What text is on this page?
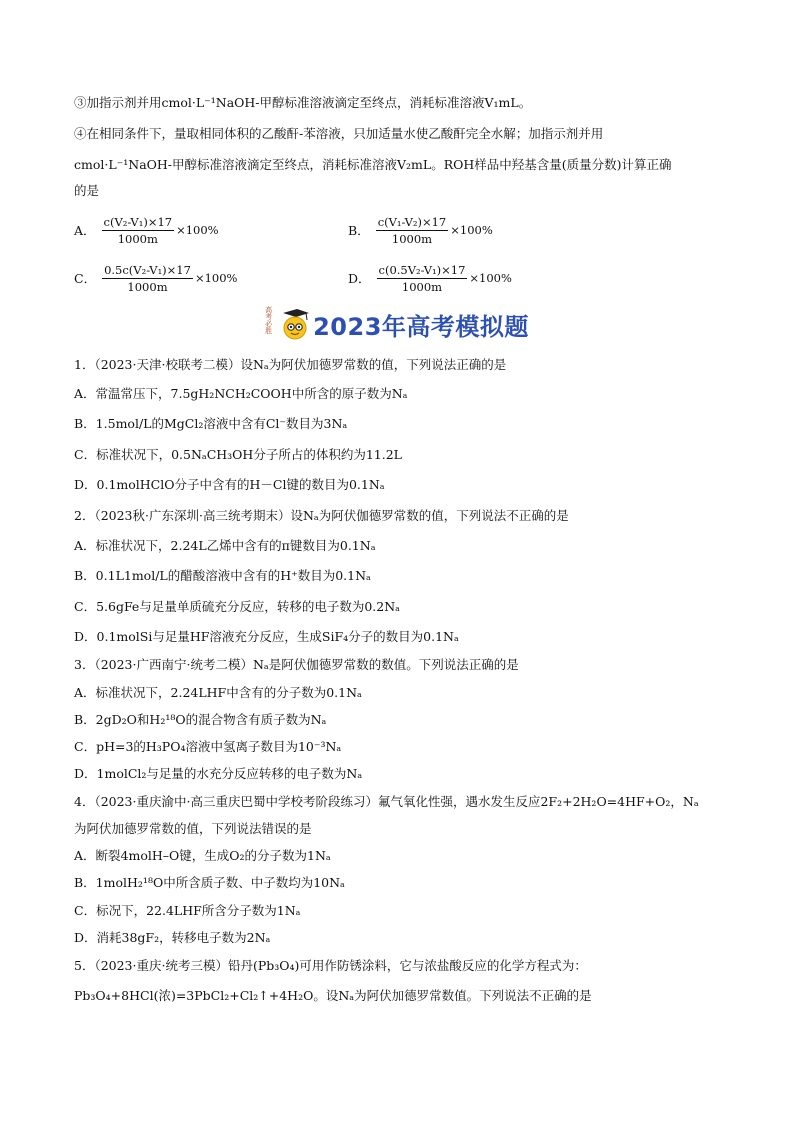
③加指示剂并用cmol·L⁻¹NaOH-甲醇标准溶液滴定至终点，消耗标准溶液V₁mL。
④在相同条件下，量取相同体积的乙酸酐-苯溶液，只加适量水使乙酸酐完全水解；加指示剂并用
cmol·L⁻¹NaOH-甲醇标准溶液滴定至终点，消耗标准溶液V₂mL。ROH样品中羟基含量(质量分数)计算正确
的是
A． $\frac{\text{c(V₂-V₁)×17}}{1000m} \times 100\%$	B． $\frac{\text{c(V₁-V₂)×17}}{1000m} \times 100\%$
C． $\frac{\text{0.5c(V₂-V₁)×17}}{1000m} \times 100\%$	D． $\frac{\text{c(0.5V₂-V₁)×17}}{1000m} \times 100\%$
高考必胜 2023年高考模拟题
1．（2023·天津·校联考二模）设Nₐ为阿伏加德罗常数的值，下列说法正确的是
A．常温常压下，7.5gH₂NCH₂COOH中所含的原子数为Nₐ
B．1.5mol/L的MgCl₂溶液中含有Cl⁻数目为3Nₐ
C．标准状况下，0.5NₐCH₃OH分子所占的体积约为11.2L
D．0.1molHClO分子中含有的H－Cl键的数目为0.1Nₐ
2．（2023秋·广东深圳·高三统考期末）设Nₐ为阿伏伽德罗常数的值，下列说法不正确的是
A．标准状况下，2.24L乙烯中含有的π键数目为0.1Nₐ
B．0.1L1mol/L的醋酸溶液中含有的H⁺数目为0.1Nₐ
C．5.6gFe与足量单质硫充分反应，转移的电子数为0.2Nₐ
D．0.1molSi与足量HF溶液充分反应，生成SiF₄分子的数目为0.1Nₐ
3．（2023·广西南宁·统考二模）Nₐ是阿伏伽德罗常数的数值。下列说法正确的是
A．标准状况下，2.24LHF中含有的分子数为0.1Nₐ
B．2gD₂O和H₂¹⁸O的混合物含有质子数为Nₐ
C．pH=3的H₃PO₄溶液中氢离子数目为10⁻³Nₐ
D．1molCl₂与足量的水充分反应转移的电子数为Nₐ
4．（2023·重庆渝中·高三重庆巴蜀中学校考阶段练习）氟气氧化性强，遇水发生反应2F₂+2H₂O=4HF+O₂，Nₐ
为阿伏加德罗常数的值，下列说法错误的是
A．断裂4molH–O键，生成O₂的分子数为1Nₐ
B．1molH₂¹⁸O中所含质子数、中子数均为10Nₐ
C．标况下，22.4LHF所含分子数为1Nₐ
D．消耗38gF₂，转移电子数为2Nₐ
5．（2023·重庆·统考三模）铅丹(Pb₃O₄)可用作防锈涂料，它与浓盐酸反应的化学方程式为：
Pb₃O₄+8HCl(浓)=3PbCl₂+Cl₂↑+4H₂O。设Nₐ为阿伏加德罗常数值。下列说法不正确的是
